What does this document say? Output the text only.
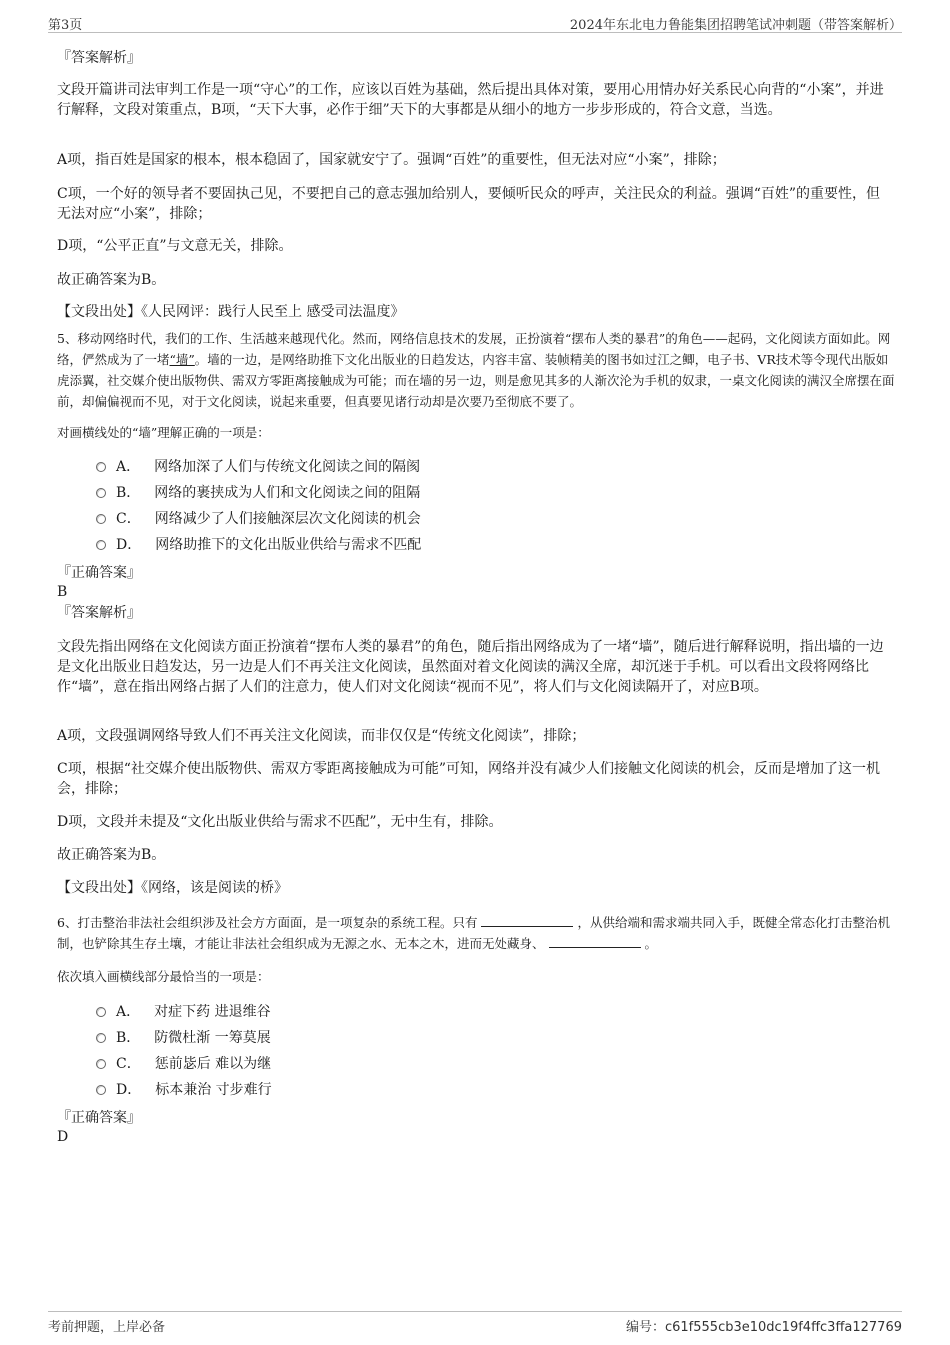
第3页	2024年东北电力鲁能集团招聘笔试冲刺题（带答案解析）
『答案解析』

文段开篇讲司法审判工作是一项“守心”的工作，应该以百姓为基础，然后提出具体对策，要用心用情办好关系民心向背的“小案”，并进行解释，文段对策重点，B项，“天下大事，必作于细”天下的大事都是从细小的地方一步步形成的，符合文意，当选。

A项，指百姓是国家的根本，根本稳固了，国家就安宁了。强调“百姓”的重要性，但无法对应“小案”，排除；

C项，一个好的领导者不要固执己见，不要把自己的意志强加给别人，要倾听民众的呼声，关注民众的利益。强调“百姓”的重要性，但无法对应“小案”，排除；

D项，“公平正直”与文意无关，排除。

故正确答案为B。

【文段出处】《人民网评：践行人民至上 感受司法温度》

5、移动网络时代，我们的工作、生活越来越现代化。然而，网络信息技术的发展，正扮演着“摆布人类的暴君”的角色——起码，文化阅读方面如此。网络，俨然成为了一堵“墙”。墙的一边，是网络助推下文化出版业的日趋发达，内容丰富、装帧精美的图书如过江之鲫，电子书、VR技术等令现代出版如虎添翼，社交媒介使出版物供、需双方零距离接触成为可能；而在墙的另一边，则是愈见其多的人渐次沦为手机的奴隶，一桌文化阅读的满汉全席摆在面前，却偏偏视而不见，对于文化阅读，说起来重要，但真要见诸行动却是次要乃至彻底不要了。

对画横线处的“墙”理解正确的一项是：

A． 网络加深了人们与传统文化阅读之间的隔阂
B． 网络的裹挟成为人们和文化阅读之间的阻隔
C． 网络减少了人们接触深层次文化阅读的机会
D． 网络助推下的文化出版业供给与需求不匹配
『正确答案』
B
『答案解析』

文段先指出网络在文化阅读方面正扮演着“摆布人类的暴君”的角色，随后指出网络成为了一堵“墙”，随后进行解释说明，指出墙的一边是文化出版业日趋发达，另一边是人们不再关注文化阅读，虽然面对着文化阅读的满汉全席，却沉迷于手机。可以看出文段将网络比作“墙”，意在指出网络占据了人们的注意力，使人们对文化阅读“视而不见”，将人们与文化阅读隔开了，对应B项。

A项，文段强调网络导致人们不再关注文化阅读，而非仅仅是“传统文化阅读”，排除；

C项，根据“社交媒介使出版物供、需双方零距离接触成为可能”可知，网络并没有减少人们接触文化阅读的机会，反而是增加了这一机会，排除；

D项，文段并未提及“文化出版业供给与需求不匹配”，无中生有，排除。

故正确答案为B。

【文段出处】《网络，该是阅读的桥》

6、打击整治非法社会组织涉及社会方方面面，是一项复杂的系统工程。只有	，从供给端和需求端共同入手，既健全常态化打击整治机制，也铲除其生存土壤，才能让非法社会组织成为无源之水、无本之木，进而无处藏身、	。

依次填入画横线部分最恰当的一项是：

A． 对症下药 进退维谷
B． 防微杜渐 一筹莫展
C． 惩前毖后 难以为继
D． 标本兼治 寸步难行
『正确答案』
D
考前押题，上岸必备	编号：c61f555cb3e10dc19f4ffc3ffa127769
